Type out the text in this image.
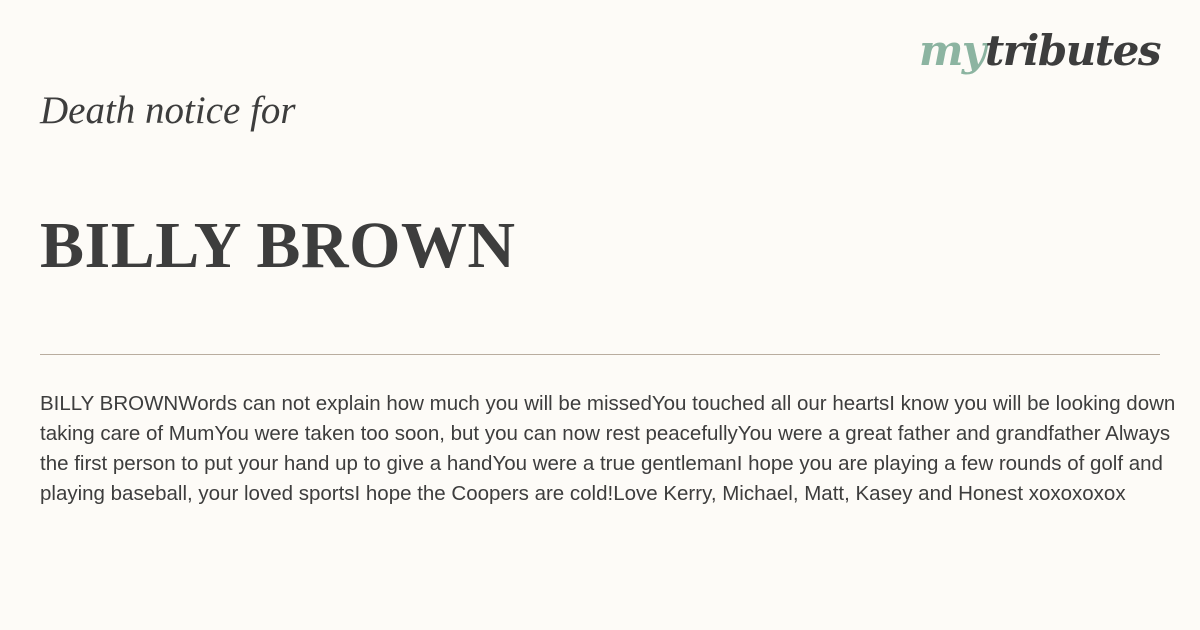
mytributes
Death notice for
BILLY BROWN

BILLY BROWNWords can not explain how much you will be missedYou touched all our heartsI know you will be looking down taking care of MumYou were taken too soon, but you can now rest peacefullyYou were a great father and grandfather Always the first person to put your hand up to give a handYou were a true gentlemanI hope you are playing a few rounds of golf and playing baseball, your loved sportsI hope the Coopers are cold!Love Kerry, Michael, Matt, Kasey and Honest xoxoxoxox
